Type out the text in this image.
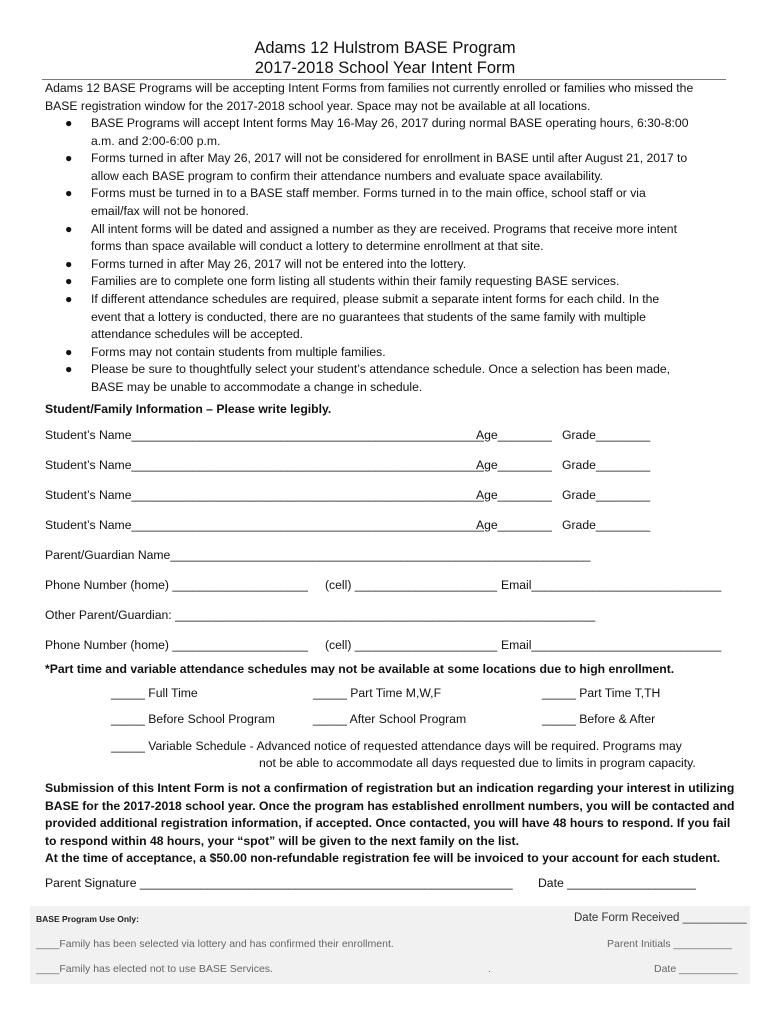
Adams 12 Hulstrom BASE Program
2017-2018 School Year Intent Form
Adams 12 BASE Programs will be accepting Intent Forms from families not currently enrolled or families who missed the
BASE registration window for the 2017-2018 school year. Space may not be available at all locations.
● BASE Programs will accept Intent forms May 16-May 26, 2017 during normal BASE operating hours, 6:30-8:00
a.m. and 2:00-6:00 p.m.
● Forms turned in after May 26, 2017 will not be considered for enrollment in BASE until after August 21, 2017 to
allow each BASE program to confirm their attendance numbers and evaluate space availability.
● Forms must be turned in to a BASE staff member. Forms turned in to the main office, school staff or via
email/fax will not be honored.
● All intent forms will be dated and assigned a number as they are received. Programs that receive more intent
forms than space available will conduct a lottery to determine enrollment at that site.
● Forms turned in after May 26, 2017 will not be entered into the lottery.
● Families are to complete one form listing all students within their family requesting BASE services.
● If different attendance schedules are required, please submit a separate intent forms for each child. In the
event that a lottery is conducted, there are no guarantees that students of the same family with multiple
attendance schedules will be accepted.
● Forms may not contain students from multiple families.
● Please be sure to thoughtfully select your student’s attendance schedule. Once a selection has been made,
BASE may be unable to accommodate a change in schedule.
Student/Family Information – Please write legibly.
Student’s Name____________________________________________________
Age________ Grade________
Student’s Name____________________________________________________
Age________ Grade________
Student’s Name____________________________________________________
Age________ Grade________
Student’s Name____________________________________________________
Age________ Grade________
Parent/Guardian Name______________________________________________________________
Phone Number (home) ____________________ (cell) _____________________ Email____________________________
Other Parent/Guardian: ______________________________________________________________
Phone Number (home) ____________________ (cell) _____________________ Email____________________________
*Part time and variable attendance schedules may not be available at some locations due to high enrollment.
_____ Full Time	_____ Part Time M,W,F	_____ Part Time T,TH
_____ Before School Program	_____ After School Program	_____ Before & After
_____ Variable Schedule - Advanced notice of requested attendance days will be required. Programs may
not be able to accommodate all days requested due to limits in program capacity.
Submission of this Intent Form is not a confirmation of registration but an indication regarding your interest in utilizing
BASE for the 2017-2018 school year. Once the program has established enrollment numbers, you will be contacted and
provided additional registration information, if accepted. Once contacted, you will have 48 hours to respond. If you fail
to respond within 48 hours, your “spot” will be given to the next family on the list.
At the time of acceptance, a $50.00 non-refundable registration fee will be invoiced to your account for each student.
Parent Signature _______________________________________________________ Date ___________________
BASE Program Use Only:	Date Form Received __________
____Family has been selected via lottery and has confirmed their enrollment.	Parent Initials __________
____Family has elected not to use BASE Services.	.	Date __________
